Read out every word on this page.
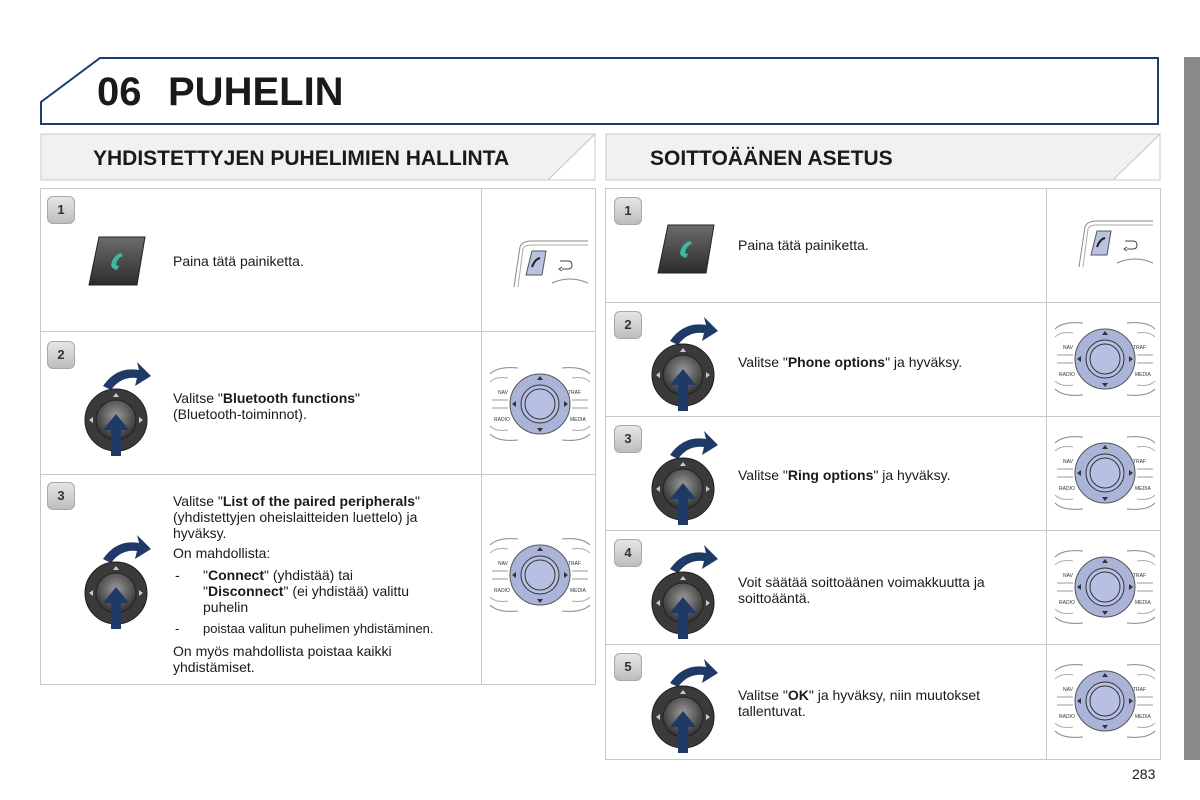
06 PUHELIN
YHDISTETTYJEN PUHELIMIEN HALLINTA	SOITTOÄÄNEN ASETUS
1
Paina tätä painiketta.
2
Valitse "Bluetooth functions"
(Bluetooth-toiminnot).
NAV	TRAF
RADIO	MEDIA
3	Valitse "List of the paired peripherals"
(yhdistettyjen oheislaitteiden luettelo) ja
hyväksy.
On mahdollista:
- "Connect" (yhdistää) tai
"Disconnect" (ei yhdistää) valittu
puhelin
- poistaa valitun puhelimen yhdistäminen.
On myös mahdollista poistaa kaikki
yhdistämiset.
NAV	TRAF
RADIO	MEDIA
1
Paina tätä painiketta.
2
Valitse "Phone options" ja hyväksy.
NAV	TRAF
RADIO	MEDIA
3
Valitse "Ring options" ja hyväksy.
NAV	TRAF
RADIO	MEDIA
4
Voit säätää soittoäänen voimakkuutta ja
soittoääntä.
NAV	TRAF
RADIO	MEDIA
5
Valitse "OK" ja hyväksy, niin muutokset
tallentuvat.
NAV	TRAF
RADIO	MEDIA
283
